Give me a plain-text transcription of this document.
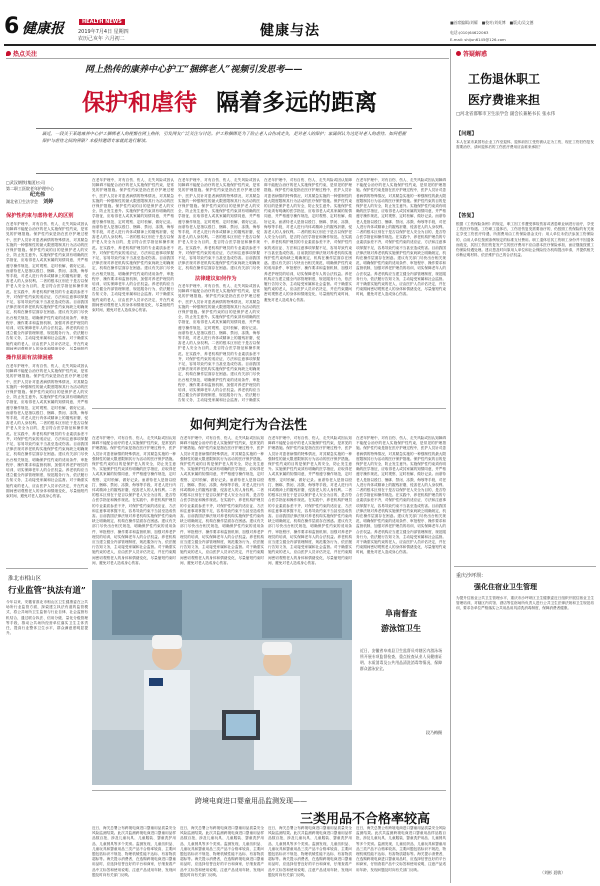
6 健康报	HEALTH NEWS
2019年7月4日 星期四
农历己亥年 六月初二	健康与法
■首席编辑/刘耀 ■校对/刘英博 ■版式/吴文德
电话:(010)64622063
E-mail: shijun6145@126.com
热点关注
网上热传的康养中心护工“捆绑老人”视频引发思考——
保护和虐待 隔着多远的距离
最近，一段关于某地康养中心护工捆绑老人的视频在网上热传，引发网友广泛关注与讨论。护工称捆绑是为了防止老人自伤或走失，是对老人的保护；家属则认为这是对老人的虐待。如何把握保护与虐待之间的界限？本报特邀请专家就此进行解读。
□武汉钢铁(集团)公司
第二职工医院老年护理中心
纪光伟
湖北省卫生法学会 刘婷
保护性约束与虐待老人的区别
在老年护理中，对有自伤、伤人、走失风险或因认知障碍不能配合治疗的老人实施保护性约束，是常见的护理措施。保护性约束是指在医疗护理过程中，医护人员针对患者病情的特殊情况，对其紧急实施的一种强制性的最大限度限制其行为活动的医疗保护措施。保护性约束的目的是保护老人的安全，防止发生意外。实施保护性约束须有明确的医学指征，应取得老人或其家属的知情同意，并严格遵守操作规范，定时观察、定时松解，做好记录。而虐待老人是指以殴打、捆绑、禁闭、冻饿、侮辱等手段，对老人进行肉体或精神上的摧残折磨，侵害老人的人身权利。二者的根本区别在于是否以保护老人安全为目的，是否符合医学指征和操作规范。在实践中，养老机构护理员的专业素质参差不齐，对保护性约束的适应证、方法和注意事项掌握不足，容易导致约束不当甚至造成伤害。目前我国法律法规对养老机构实施保护性约束尚缺乏明确规定，机构在操作层面存在困惑。建议有关部门尽快出台相关规范，明确保护性约束的适用条件、审批程序、操作要求和监督机制，加强对养老护理员的培训，切实保障老年人的合法权益。养老机构应当建立健全内部管理制度，规范服务行为，依法履行告知义务，主动接受家属和社会监督。对于确需实施约束的老人，应由医护人员评估决定，并在约束期间密切观察老人的身体和情绪变化，尽量缩短约
操作层面有法律困惑
在老年护理中，对有自伤、伤人、走失风险或因认知障碍不能配合治疗的老人实施保护性约束，是常见的护理措施。保护性约束是指在医疗护理过程中，医护人员针对患者病情的特殊情况，对其紧急实施的一种强制性的最大限度限制其行为活动的医疗保护措施。保护性约束的目的是保护老人的安全，防止发生意外。实施保护性约束须有明确的医学指征，应取得老人或其家属的知情同意，并严格遵守操作规范，定时观察、定时松解，做好记录。而虐待老人是指以殴打、捆绑、禁闭、冻饿、侮辱等手段，对老人进行肉体或精神上的摧残折磨，侵害老人的人身权利。二者的根本区别在于是否以保护老人安全为目的，是否符合医学指征和操作规范。在实践中，养老机构护理员的专业素质参差不齐，对保护性约束的适应证、方法和注意事项掌握不足，容易导致约束不当甚至造成伤害。目前我国法律法规对养老机构实施保护性约束尚缺乏明确规定，机构在操作层面存在困惑。建议有关部门尽快出台相关规范，明确保护性约束的适用条件、审批程序、操作要求和监督机制，加强对养老护理员的培训，切实保障老年人的合法权益。养老机构应当建立健全内部管理制度，规范服务行为，依法履行告知义务，主动接受家属和社会监督。对于确需实施约束的老人，应由医护人员评估决定，并在约束期间密切观察老人的身体和情绪变化，尽量缩短约束时间，避免对老人造成身心伤害。
在老年护理中，对有自伤、伤人、走失风险或因认知障碍不能配合治疗的老人实施保护性约束，是常见的护理措施。保护性约束是指在医疗护理过程中，医护人员针对患者病情的特殊情况，对其紧急实施的一种强制性的最大限度限制其行为活动的医疗保护措施。保护性约束的目的是保护老人的安全，防止发生意外。实施保护性约束须有明确的医学指征，应取得老人或其家属的知情同意，并严格遵守操作规范，定时观察、定时松解，做好记录。而虐待老人是指以殴打、捆绑、禁闭、冻饿、侮辱等手段，对老人进行肉体或精神上的摧残折磨，侵害老人的人身权利。二者的根本区别在于是否以保护老人安全为目的，是否符合医学指征和操作规范。在实践中，养老机构护理员的专业素质参差不齐，对保护性约束的适应证、方法和注意事项掌握不足，容易导致约束不当甚至造成伤害。目前我国法律法规对养老机构实施保护性约束尚缺乏明确规定，机构在操作层面存在困惑。建议有关部门尽快出台相关规范，明确保护性约束的适用条件、审批程序、操作要求和监督机制，加强对养老护理员的培训，切实保障老年人的合法权益。养老机构应当建立健全内部管理制度，规范服务行为，依法履行告知义务，主动接受家属和社会监督。对于确需实施约束的老人，应由医护人员评估决定，并在约束期间密切观察老人的身体和情绪变化，尽量缩短约束时间，避免对老人造成身心伤害。
在老年护理中，对有自伤、伤人、走失风险或因认知障碍不能配合治疗的老人实施保护性约束，是常见的护理措施。保护性约束是指在医疗护理过程中，医护人员针对患者病情的特殊情况，对其紧急实施的一种强制性的最大限度限制其行为活动的医疗保护措施。保护性约束的目的是保护老人的安全，防止发生意外。实施保护性约束须有明确的医学指征，应取得老人或其家属的知情同意，并严格遵守操作规范，定时观察、定时松解，做好记录。而虐待老人是指以殴打、捆绑、禁闭、冻饿、侮辱等手段，对老人进行肉体或精神上的摧残折磨，侵害老人的人身权利。二者的根本区别在于是否以保护老人安全为目的，是否符合医学指征和操作规范。在实践中，养老机构护理员的专业素质参差不齐，对保护性约束的适应证、方法和注意事项掌握不足，容易导致约束不当甚至造成伤害。目前我国法律法规对养老机构实施保护性约束尚缺乏明确规定，机构在操作层面存在困惑。建议有关部门尽快
法律建议如何作为
在老年护理中，对有自伤、伤人、走失风险或因认知障碍不能配合治疗的老人实施保护性约束，是常见的护理措施。保护性约束是指在医疗护理过程中，医护人员针对患者病情的特殊情况，对其紧急实施的一种强制性的最大限度限制其行为活动的医疗保护措施。保护性约束的目的是保护老人的安全，防止发生意外。实施保护性约束须有明确的医学指征，应取得老人或其家属的知情同意，并严格遵守操作规范，定时观察、定时松解，做好记录。而虐待老人是指以殴打、捆绑、禁闭、冻饿、侮辱等手段，对老人进行肉体或精神上的摧残折磨，侵害老人的人身权利。二者的根本区别在于是否以保护老人安全为目的，是否符合医学指征和操作规范。在实践中，养老机构护理员的专业素质参差不齐，对保护性约束的适应证、方法和注意事项掌握不足，容易导致约束不当甚至造成伤害。目前我国法律法规对养老机构实施保护性约束尚缺乏明确规定，机构在操作层面存在困惑。建议有关部门尽快出台相关规范，明确保护性约束的适用条件、审批程序、操作要求和监督机制，加强对养老护理员的培训，切实保障老年人的合法权益。养老机构应当建立健全内部管理制度，规范服务行为，依法履行告知义务，主动接受家属和社会监督。对于确需实
在老年护理中，对有自伤、伤人、走失风险或因认知障碍不能配合治疗的老人实施保护性约束，是常见的护理措施。保护性约束是指在医疗护理过程中，医护人员针对患者病情的特殊情况，对其紧急实施的一种强制性的最大限度限制其行为活动的医疗保护措施。保护性约束的目的是保护老人的安全，防止发生意外。实施保护性约束须有明确的医学指征，应取得老人或其家属的知情同意，并严格遵守操作规范，定时观察、定时松解，做好记录。而虐待老人是指以殴打、捆绑、禁闭、冻饿、侮辱等手段，对老人进行肉体或精神上的摧残折磨，侵害老人的人身权利。二者的根本区别在于是否以保护老人安全为目的，是否符合医学指征和操作规范。在实践中，养老机构护理员的专业素质参差不齐，对保护性约束的适应证、方法和注意事项掌握不足，容易导致约束不当甚至造成伤害。目前我国法律法规对养老机构实施保护性约束尚缺乏明确规定，机构在操作层面存在困惑。建议有关部门尽快出台相关规范，明确保护性约束的适用条件、审批程序、操作要求和监督机制，加强对养老护理员的培训，切实保障老年人的合法权益。养老机构应当建立健全内部管理制度，规范服务行为，依法履行告知义务，主动接受家属和社会监督。对于确需实施约束的老人，应由医护人员评估决定，并在约束期间密切观察老人的身体和情绪变化，尽量缩短约束时间，避免对老人造成身心伤害。
在老年护理中，对有自伤、伤人、走失风险或因认知障碍不能配合治疗的老人实施保护性约束，是常见的护理措施。保护性约束是指在医疗护理过程中，医护人员针对患者病情的特殊情况，对其紧急实施的一种强制性的最大限度限制其行为活动的医疗保护措施。保护性约束的目的是保护老人的安全，防止发生意外。实施保护性约束须有明确的医学指征，应取得老人或其家属的知情同意，并严格遵守操作规范，定时观察、定时松解，做好记录。而虐待老人是指以殴打、捆绑、禁闭、冻饿、侮辱等手段，对老人进行肉体或精神上的摧残折磨，侵害老人的人身权利。二者的根本区别在于是否以保护老人安全为目的，是否符合医学指征和操作规范。在实践中，养老机构护理员的专业素质参差不齐，对保护性约束的适应证、方法和注意事项掌握不足，容易导致约束不当甚至造成伤害。目前我国法律法规对养老机构实施保护性约束尚缺乏明确规定，机构在操作层面存在困惑。建议有关部门尽快出台相关规范，明确保护性约束的适用条件、审批程序、操作要求和监督机制，加强对养老护理员的培训，切实保障老年人的合法权益。养老机构应当建立健全内部管理制度，规范服务行为，依法履行告知义务，主动接受家属和社会监督。对于确需实施约束的老人，应由医护人员评估决定，并在约束期间密切观察老人的身体和情绪变化，尽量缩短约束时间，避免对老人造成身心伤害。
如何判定行为合法性
在老年护理中，对有自伤、伤人、走失风险或因认知障碍不能配合治疗的老人实施保护性约束，是常见的护理措施。保护性约束是指在医疗护理过程中，医护人员针对患者病情的特殊情况，对其紧急实施的一种强制性的最大限度限制其行为活动的医疗保护措施。保护性约束的目的是保护老人的安全，防止发生意外。实施保护性约束须有明确的医学指征，应取得老人或其家属的知情同意，并严格遵守操作规范，定时观察、定时松解，做好记录。而虐待老人是指以殴打、捆绑、禁闭、冻饿、侮辱等手段，对老人进行肉体或精神上的摧残折磨，侵害老人的人身权利。二者的根本区别在于是否以保护老人安全为目的，是否符合医学指征和操作规范。在实践中，养老机构护理员的专业素质参差不齐，对保护性约束的适应证、方法和注意事项掌握不足，容易导致约束不当甚至造成伤害。目前我国法律法规对养老机构实施保护性约束尚缺乏明确规定，机构在操作层面存在困惑。建议有关部门尽快出台相关规范，明确保护性约束的适用条件、审批程序、操作要求和监督机制，加强对养老护理员的培训，切实保障老年人的合法权益。养老机构应当建立健全内部管理制度，规范服务行为，依法履行告知义务，主动接受家属和社会监督。对于确需实施约束的老人，应由医护人员评估决定，并在约束期间密切观察老人的身体和情绪变化，尽量缩短约束时间，避免对老人造成身心伤害。
在老年护理中，对有自伤、伤人、走失风险或因认知障碍不能配合治疗的老人实施保护性约束，是常见的护理措施。保护性约束是指在医疗护理过程中，医护人员针对患者病情的特殊情况，对其紧急实施的一种强制性的最大限度限制其行为活动的医疗保护措施。保护性约束的目的是保护老人的安全，防止发生意外。实施保护性约束须有明确的医学指征，应取得老人或其家属的知情同意，并严格遵守操作规范，定时观察、定时松解，做好记录。而虐待老人是指以殴打、捆绑、禁闭、冻饿、侮辱等手段，对老人进行肉体或精神上的摧残折磨，侵害老人的人身权利。二者的根本区别在于是否以保护老人安全为目的，是否符合医学指征和操作规范。在实践中，养老机构护理员的专业素质参差不齐，对保护性约束的适应证、方法和注意事项掌握不足，容易导致约束不当甚至造成伤害。目前我国法律法规对养老机构实施保护性约束尚缺乏明确规定，机构在操作层面存在困惑。建议有关部门尽快出台相关规范，明确保护性约束的适用条件、审批程序、操作要求和监督机制，加强对养老护理员的培训，切实保障老年人的合法权益。养老机构应当建立健全内部管理制度，规范服务行为，依法履行告知义务，主动接受家属和社会监督。对于确需实施约束的老人，应由医护人员评估决定，并在约束期间密切观察老人的身体和情绪变化，尽量缩短约束时间，避免对老人造成身心伤害。
在老年护理中，对有自伤、伤人、走失风险或因认知障碍不能配合治疗的老人实施保护性约束，是常见的护理措施。保护性约束是指在医疗护理过程中，医护人员针对患者病情的特殊情况，对其紧急实施的一种强制性的最大限度限制其行为活动的医疗保护措施。保护性约束的目的是保护老人的安全，防止发生意外。实施保护性约束须有明确的医学指征，应取得老人或其家属的知情同意，并严格遵守操作规范，定时观察、定时松解，做好记录。而虐待老人是指以殴打、捆绑、禁闭、冻饿、侮辱等手段，对老人进行肉体或精神上的摧残折磨，侵害老人的人身权利。二者的根本区别在于是否以保护老人安全为目的，是否符合医学指征和操作规范。在实践中，养老机构护理员的专业素质参差不齐，对保护性约束的适应证、方法和注意事项掌握不足，容易导致约束不当甚至造成伤害。目前我国法律法规对养老机构实施保护性约束尚缺乏明确规定，机构在操作层面存在困惑。建议有关部门尽快出台相关规范，明确保护性约束的适用条件、审批程序、操作要求和监督机制，加强对养老护理员的培训，切实保障老年人的合法权益。养老机构应当建立健全内部管理制度，规范服务行为，依法履行告知义务，主动接受家属和社会监督。对于确需实施约束的老人，应由医护人员评估决定，并在约束期间密切观察老人的身体和情绪变化，尽量缩短约束时间，避免对老人造成身心伤害。
在老年护理中，对有自伤、伤人、走失风险或因认知障碍不能配合治疗的老人实施保护性约束，是常见的护理措施。保护性约束是指在医疗护理过程中，医护人员针对患者病情的特殊情况，对其紧急实施的一种强制性的最大限度限制其行为活动的医疗保护措施。保护性约束的目的是保护老人的安全，防止发生意外。实施保护性约束须有明确的医学指征，应取得老人或其家属的知情同意，并严格遵守操作规范，定时观察、定时松解，做好记录。而虐待老人是指以殴打、捆绑、禁闭、冻饿、侮辱等手段，对老人进行肉体或精神上的摧残折磨，侵害老人的人身权利。二者的根本区别在于是否以保护老人安全为目的，是否符合医学指征和操作规范。在实践中，养老机构护理员的专业素质参差不齐，对保护性约束的适应证、方法和注意事项掌握不足，容易导致约束不当甚至造成伤害。目前我国法律法规对养老机构实施保护性约束尚缺乏明确规定，机构在操作层面存在困惑。建议有关部门尽快出台相关规范，明确保护性约束的适用条件、审批程序、操作要求和监督机制，加强对养老护理员的培训，切实保障老年人的合法权益。养老机构应当建立健全内部管理制度，规范服务行为，依法履行告知义务，主动接受家属和社会监督。对于确需实施约束的老人，应由医护人员评估决定，并在约束期间密切观察老人的身体和情绪变化，尽量缩短约束时间，避免对老人造成身心伤害。
淮北市相山区
行业监管“执法有道”
今年以来，安徽省淮北市相山区卫生健康委在公共场所行业监管方面，探索建立执法有道的监管模式，将公共场所卫生监督与行业自律、社会监督有机结合，通过联合执法、信用分级、量化分级管理等手段，推动公共场所经营单位落实卫生主体责任，提高行业整体卫生水平，群众满意度明显提升。
阜南督查
游泳馆卫生
近日，安徽省阜南县卫生监督员对辖区内游泳场所开展专项监督检查，重点检查从业人员健康证明、水质消毒及公共用品清洗消毒等情况，保障群众游泳安全。
段乃梅摄
跨境电商进口婴童用品监测发现——
三类用品不合格率较高
近日，海关总署公布跨境电商进口婴童用品质量安全风险监测结果。此次共监测跨境电商进口婴童用品样品数百批，涉及儿童玩具、儿童服装、婴童洗护用品、儿童餐具等多个类别。监测发现，儿童纺织品、儿童玩具和婴童用品三类产品不合格率较高，主要问题包括标识不规范、物理机械性能不达标、有害物质超标等。海关提示消费者，在选购跨境电商进口婴童用品时，应选择信誉良好的平台和商家，仔细查看产品中文标签和使用说明，注意产品适用年龄，发现问题及时向有关部门反映。
近日，海关总署公布跨境电商进口婴童用品质量安全风险监测结果。此次共监测跨境电商进口婴童用品样品数百批，涉及儿童玩具、儿童服装、婴童洗护用品、儿童餐具等多个类别。监测发现，儿童纺织品、儿童玩具和婴童用品三类产品不合格率较高，主要问题包括标识不规范、物理机械性能不达标、有害物质超标等。海关提示消费者，在选购跨境电商进口婴童用品时，应选择信誉良好的平台和商家，仔细查看产品中文标签和使用说明，注意产品适用年龄，发现问题及时向有关部门反映。
近日，海关总署公布跨境电商进口婴童用品质量安全风险监测结果。此次共监测跨境电商进口婴童用品样品数百批，涉及儿童玩具、儿童服装、婴童洗护用品、儿童餐具等多个类别。监测发现，儿童纺织品、儿童玩具和婴童用品三类产品不合格率较高，主要问题包括标识不规范、物理机械性能不达标、有害物质超标等。海关提示消费者，在选购跨境电商进口婴童用品时，应选择信誉良好的平台和商家，仔细查看产品中文标签和使用说明，注意产品适用年龄，发现问题及时向有关部门反映。
近日，海关总署公布跨境电商进口婴童用品质量安全风险监测结果。此次共监测跨境电商进口婴童用品样品数百批，涉及儿童玩具、儿童服装、婴童洗护用品、儿童餐具等多个类别。监测发现，儿童纺织品、儿童玩具和婴童用品三类产品不合格率较高，主要问题包括标识不规范、物理机械性能不达标、有害物质超标等。海关提示消费者，在选购跨境电商进口婴童用品时，应选择信誉良好的平台和商家，仔细查看产品中文标签和使用说明，注意产品适用年龄，发现问题及时向有关部门反映。
答疑解惑
工伤退休职工
医疗费谁来担
□河北省邯郸市卫生法学会 副会长兼秘书长 张永伟
【问题】
本人在某市某国有企业工作至退休，退休前因工受伤被认定为工伤，现在工伤旧伤复发需要治疗，请问退休后的工伤医疗费用应由谁来承担？
【答复】
根据《工伤保险条例》的规定，职工因工作遭受事故伤害或者患职业病进行治疗，享受工伤医疗待遇。工伤职工退休后，工伤旧伤复发需要治疗的，仍按照工伤保险的有关规定享受工伤医疗待遇，所需费用由工伤保险基金支付；用人单位未依法参加工伤保险的，由用人单位按照条例规定的标准支付费用。职工退休后其工伤职工身份并不因退休而改变，其因工伤旧伤复发产生的医疗费用不应由基本医疗保险承担，而应继续按照工伤保险待遇处理。建议您及时向原用人单位和社会保险经办机构提出申请，并提供相关诊断证明材料，依法维护自己的合法权益。
重庆沙坪坝：
强化住宿业卫生管理
为提升住宿业公共卫生管理水平，重庆市沙坪坝区卫生健康委近日组织开展住宿业卫生管理培训，对辖区内宾馆、酒店等住宿场所负责人进行公共卫生法律法规和卫生规范培训，要求各单位严格落实公共用品用具清洗消毒制度，保障消费者健康。
（刘彬 聂敏）
